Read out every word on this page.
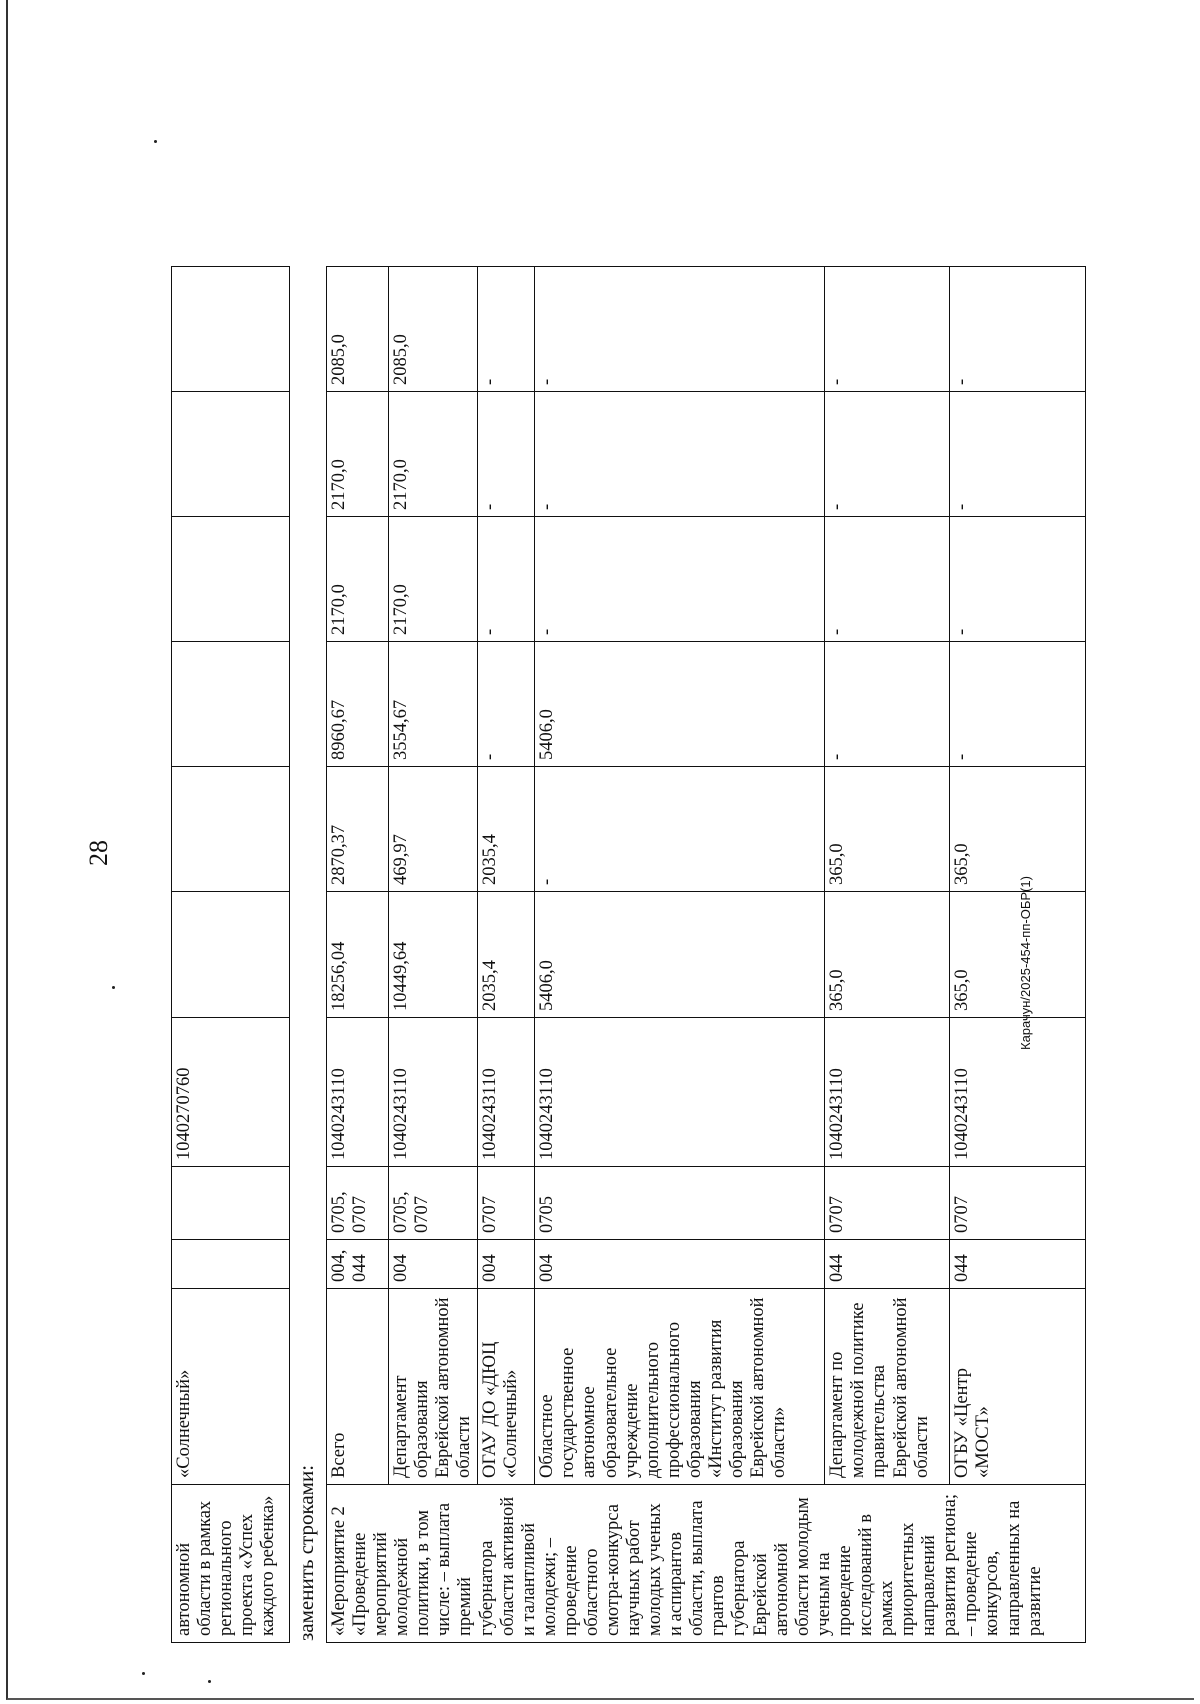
28
Карачун/2025-454-пп-ОБР(1)
автономной области в рамках регионального проекта «Успех каждого ребенка»	«Солнечный»			1040270760						
заменить строками: «Мероприятие 2 «Проведение мероприятий молодежной политики, в том числе: – выплата премий губернатора области активной и талантливой молодежи; – проведение областного смотра-конкурса научных работ молодых ученых и аспирантов области, выплата грантов губернатора Еврейской автономной области молодым ученым на проведение исследований в рамках приоритетных направлений развития региона; – проведение конкурсов, направленных на развитие	Всего	004, 044	0705, 0707	1040243110	18256,04	2870,37	8960,67	2170,0	2170,0	2085,0
	Департамент образования Еврейской автономной области	004	0705, 0707	1040243110	10449,64	469,97	3554,67	2170,0	2170,0	2085,0
	ОГАУ ДО «ДЮЦ «Солнечный»	004	0707	1040243110	2035,4	2035,4	-	-	-	-
	Областное государственное автономное образовательное учреждение дополнительного профессионального образования «Институт развития образования Еврейской автономной области»	004	0705	1040243110	5406,0	-	5406,0	-	-	-
	Департамент по молодежной политике правительства Еврейской автономной области	044	0707	1040243110	365,0	365,0	-	-	-	-
	ОГБУ «Центр «МОСТ»	044	0707	1040243110	365,0	365,0	-	-	-	-
